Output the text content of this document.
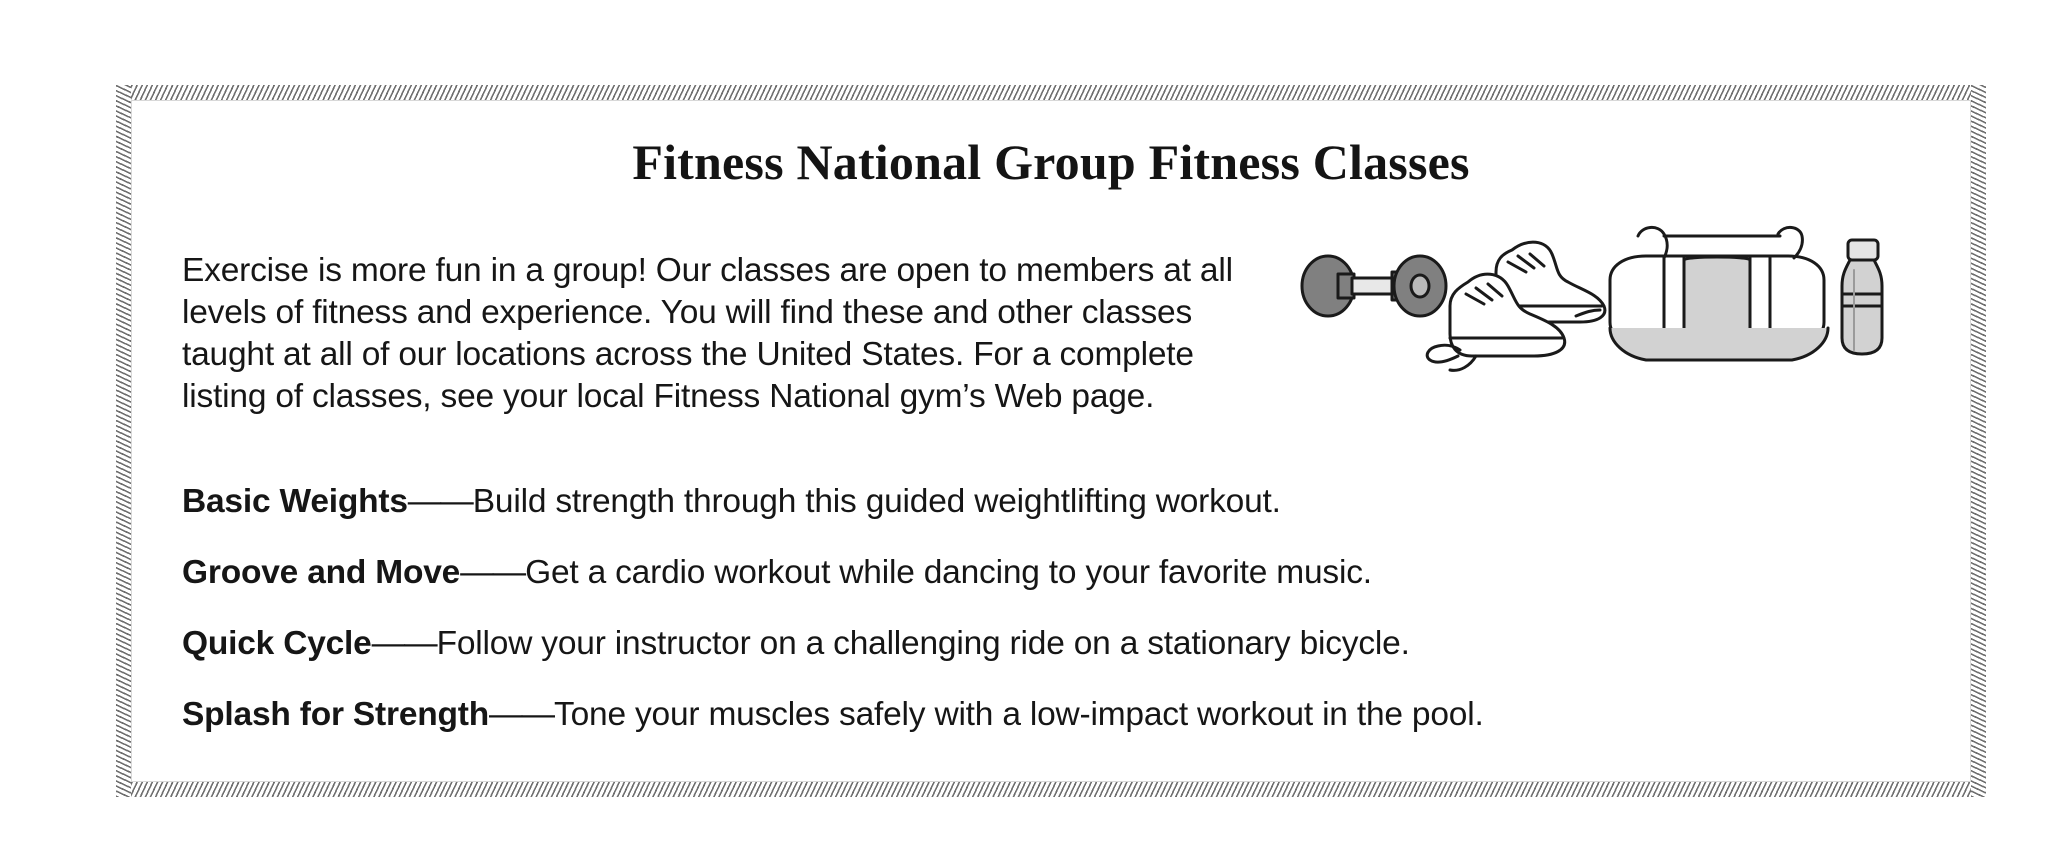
Fitness National Group Fitness Classes

Exercise is more fun in a group! Our classes are open to members at all levels of fitness and experience. You will find these and other classes taught at all of our locations across the United States. For a complete listing of classes, see your local Fitness National gym’s Web page.

Basic Weights——Build strength through this guided weightlifting workout.
Groove and Move——Get a cardio workout while dancing to your favorite music.
Quick Cycle——Follow your instructor on a challenging ride on a stationary bicycle.
Splash for Strength——Tone your muscles safely with a low-impact workout in the pool.
